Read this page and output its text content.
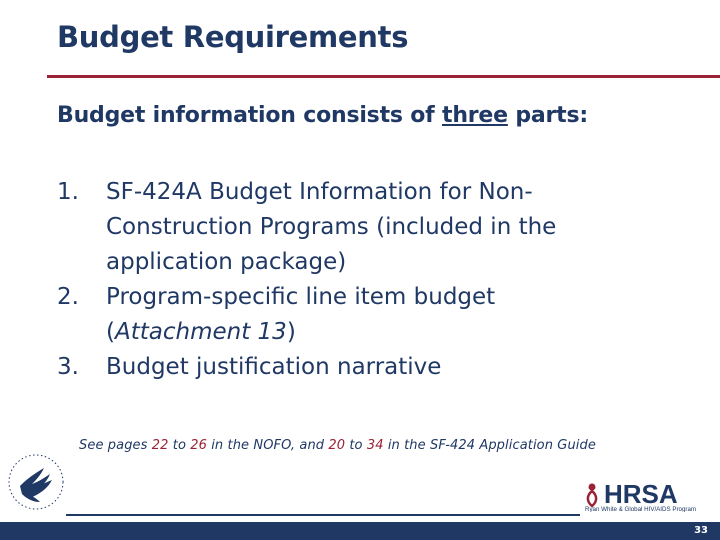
Budget Requirements

Budget information consists of three parts:

1. SF-424A Budget Information for Non-
Construction Programs (included in the
application package)
2. Program-specific line item budget
(Attachment 13)
3. Budget justification narrative

See pages 22 to 26 in the NOFO, and 20 to 34 in the SF-424 Application Guide

HRSA
Ryan White & Global HIV/AIDS Program

33
